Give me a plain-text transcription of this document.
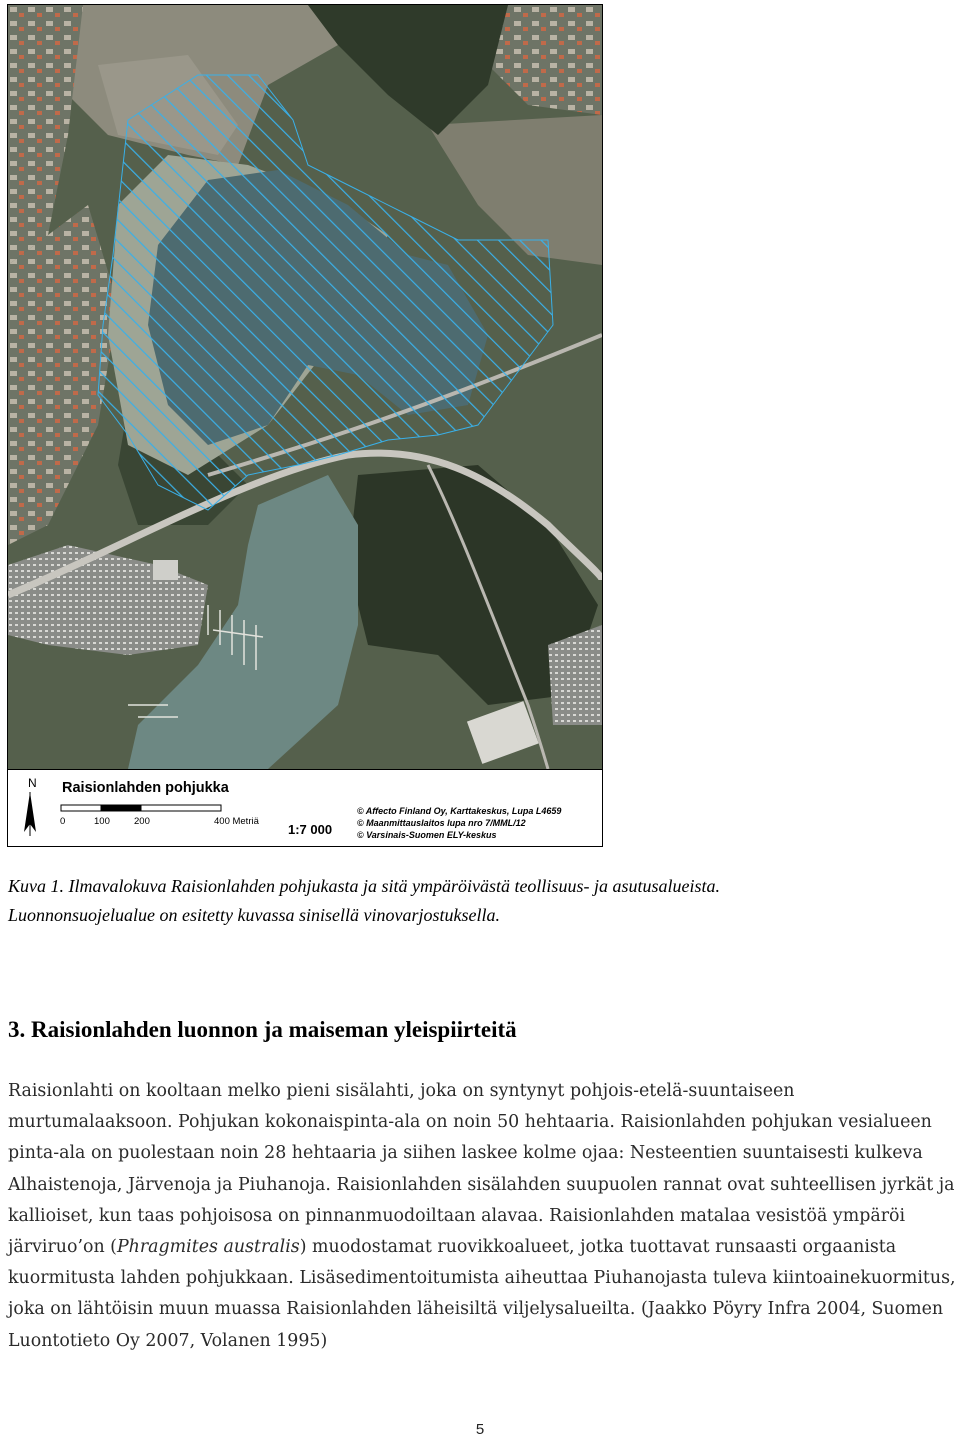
N Raisionlahden pohjukka
0	100	200	400 Metriä
1:7 000
© Affecto Finland Oy, Karttakeskus, Lupa L4659
© Maanmittauslaitos lupa nro 7/MML/12
© Varsinais-Suomen ELY-keskus
Kuva 1. Ilmavalokuva Raisionlahden pohjukasta ja sitä ympäröivästä teollisuus- ja asutusalueista.
Luonnonsuojelualue on esitetty kuvassa sinisellä vinovarjostuksella.
3. Raisionlahden luonnon ja maiseman yleispiirteitä

Raisionlahti on kooltaan melko pieni sisälahti, joka on syntynyt pohjois-etelä-suuntaiseen murtumalaaksoon. Pohjukan kokonaispinta-ala on noin 50 hehtaaria. Raisionlahden pohjukan vesialueen pinta-ala on puolestaan noin 28 hehtaaria ja siihen laskee kolme ojaa: Nesteentien suuntaisesti kulkeva Alhaistenoja, Järvenoja ja Piuhanoja. Raisionlahden sisälahden suupuolen rannat ovat suhteellisen jyrkät ja kallioiset, kun taas pohjoisosa on pinnanmuodoiltaan alavaa. Raisionlahden matalaa vesistöä ympäröi järviruo’on (Phragmites australis) muodostamat ruovikkoalueet, jotka tuottavat runsaasti orgaanista kuormitusta lahden pohjukkaan. Lisäsedimentoitumista aiheuttaa Piuhanojasta tuleva kiintoainekuormitus, joka on lähtöisin muun muassa Raisionlahden läheisiltä viljelysalueilta. (Jaakko Pöyry Infra 2004, Suomen Luontotieto Oy 2007, Volanen 1995)

5
